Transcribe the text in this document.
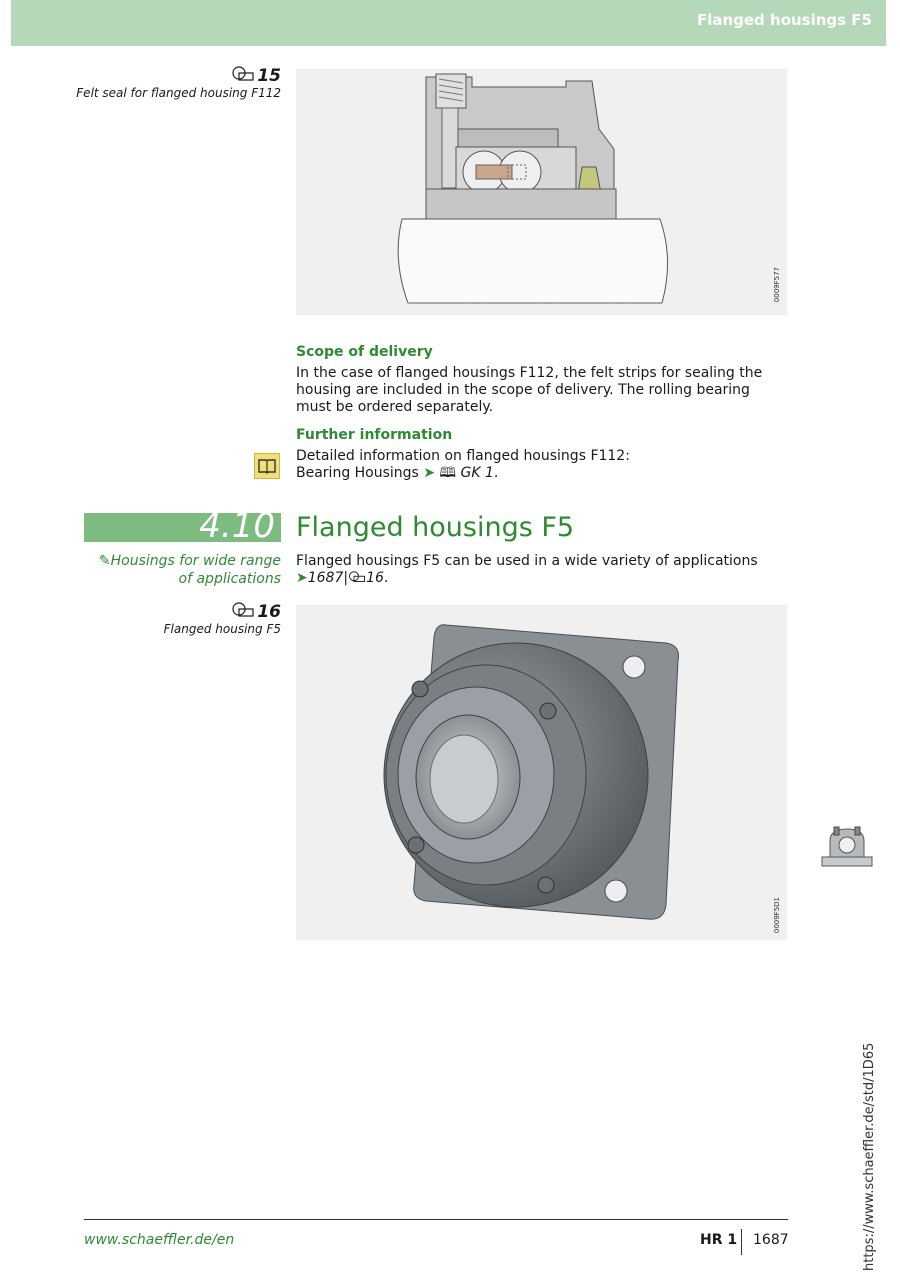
Flanged housings F5
15
Felt seal for flanged housing F112
0009F577
Scope of delivery
In the case of flanged housings F112, the felt strips for sealing the housing are included in the scope of delivery. The rolling bearing must be ordered separately.
Further information
Detailed information on flanged housings F112:
Bearing Housings ➤ 🕮 GK 1.
4.10 Flanged housings F5
✎Housings for wide range
of applications
Flanged housings F5 can be used in a wide variety of applications
➤1687| 16.
16
Flanged housing F5
0009F5D1
https://www.schaeffler.de/std/1D65
www.schaeffler.de/en	HR 1 1687
